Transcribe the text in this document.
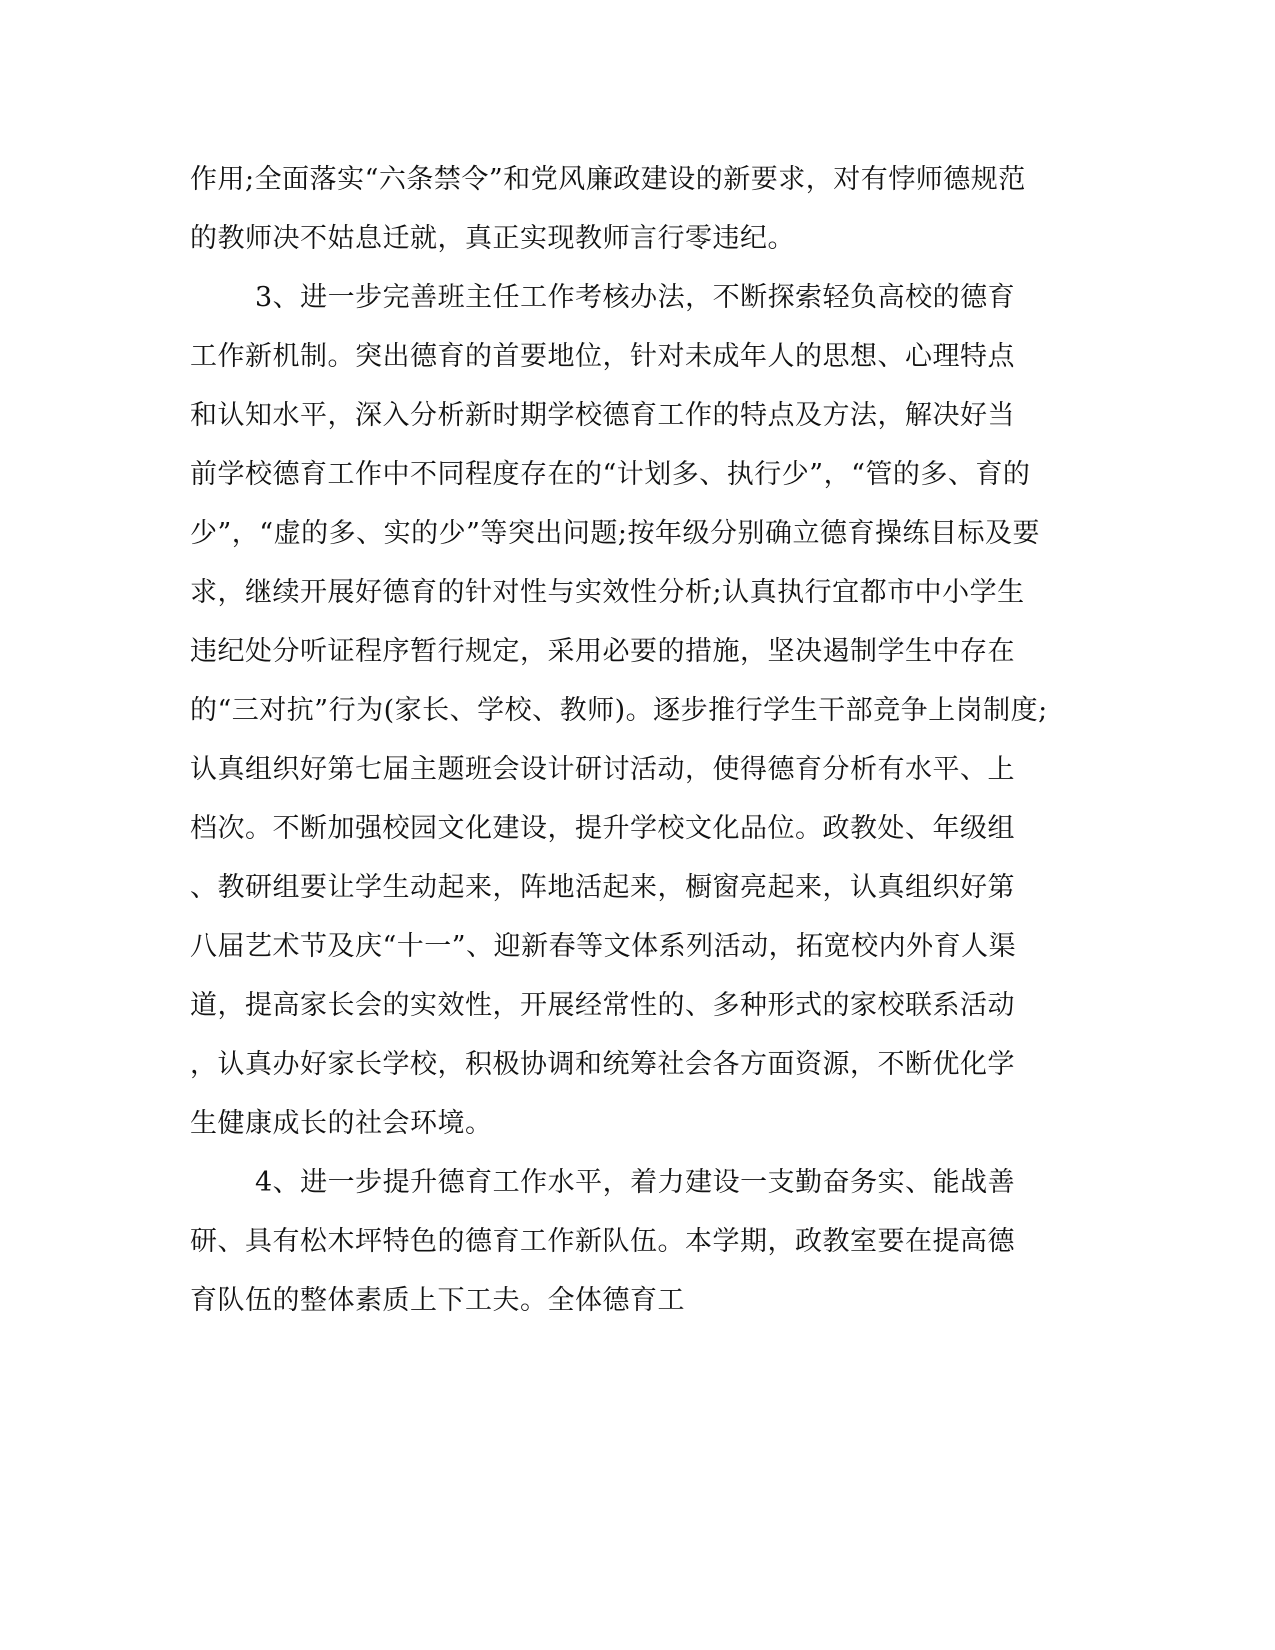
作用;全面落实“六条禁令”和党风廉政建设的新要求，对有悖师德规范
的教师决不姑息迁就，真正实现教师言行零违纪。
3、进一步完善班主任工作考核办法，不断探索轻负高校的德育
工作新机制。突出德育的首要地位，针对未成年人的思想、心理特点
和认知水平，深入分析新时期学校德育工作的特点及方法，解决好当
前学校德育工作中不同程度存在的“计划多、执行少”，“管的多、育的
少”，“虚的多、实的少”等突出问题;按年级分别确立德育操练目标及要
求，继续开展好德育的针对性与实效性分析;认真执行宜都市中小学生
违纪处分听证程序暂行规定，采用必要的措施，坚决遏制学生中存在
的“三对抗”行为(家长、学校、教师)。逐步推行学生干部竞争上岗制度;
认真组织好第七届主题班会设计研讨活动，使得德育分析有水平、上
档次。不断加强校园文化建设，提升学校文化品位。政教处、年级组
、教研组要让学生动起来，阵地活起来，橱窗亮起来，认真组织好第
八届艺术节及庆“十一”、迎新春等文体系列活动，拓宽校内外育人渠
道，提高家长会的实效性，开展经常性的、多种形式的家校联系活动
，认真办好家长学校，积极协调和统筹社会各方面资源，不断优化学
生健康成长的社会环境。
4、进一步提升德育工作水平，着力建设一支勤奋务实、能战善
研、具有松木坪特色的德育工作新队伍。本学期，政教室要在提高德
育队伍的整体素质上下工夫。全体德育工
